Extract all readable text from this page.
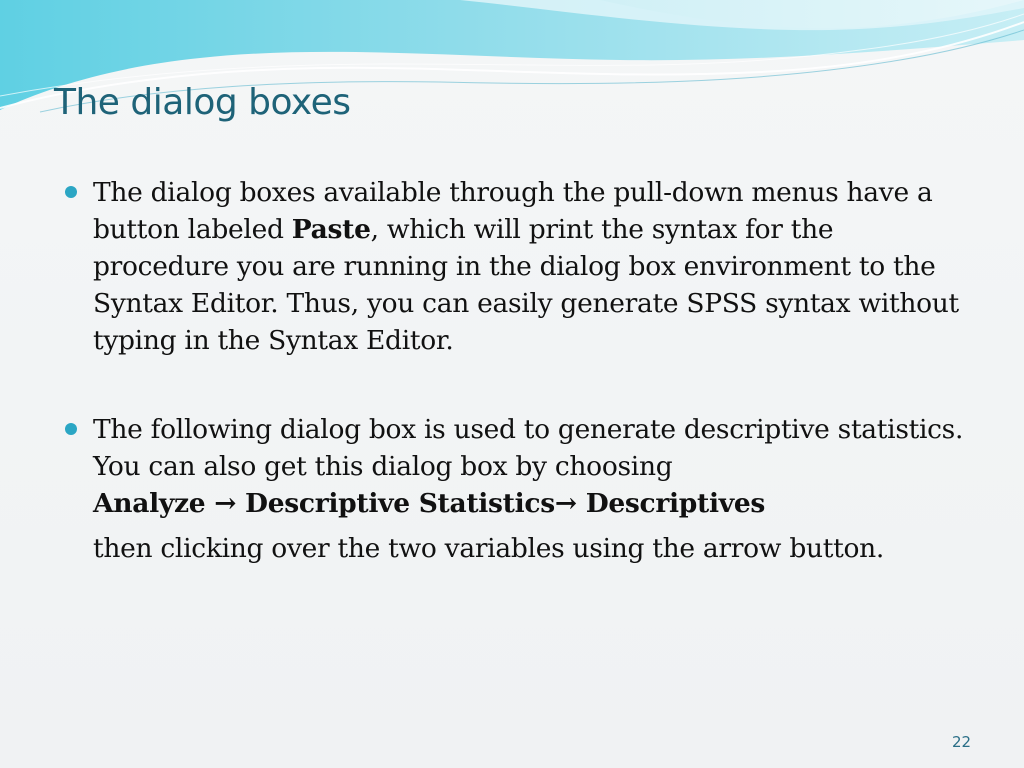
The dialog boxes

The dialog boxes available through the pull-down menus have a button labeled Paste, which will print the syntax for the procedure you are running in the dialog box environment to the Syntax Editor. Thus, you can easily generate SPSS syntax without typing in the Syntax Editor.

The following dialog box is used to generate descriptive statistics. You can also get this dialog box by choosing

Analyze → Descriptive Statistics→ Descriptives

then clicking over the two variables using the arrow button.

22
